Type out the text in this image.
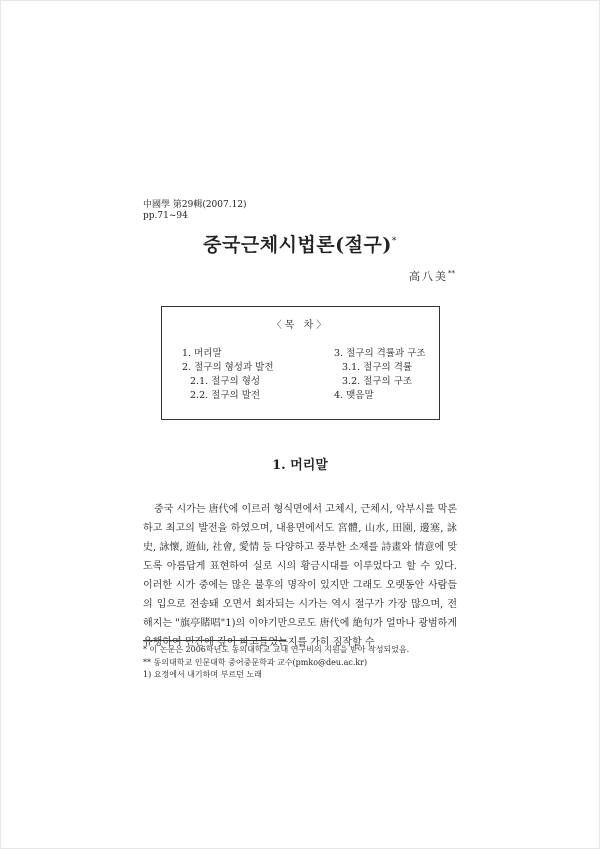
中國學 第29輯(2007.12)
pp.71~94
중국근체시법론(절구)*
高八美**
〈목 차〉
1. 머리말
2. 절구의 형성과 발전
2.1. 절구의 형성
2.2. 절구의 발전
3. 절구의 격률과 구조
3.1. 절구의 격률
3.2. 절구의 구조
4. 맺음말
1. 머리말

중국 시가는 唐代에 이르러 형식면에서 고체시, 근체시, 악부시를 막론하고 최고의 발전을 하였으며, 내용면에서도 宮體, 山水, 田園, 邊塞, 詠史, 詠懷, 遊仙, 社會, 愛情 등 다양하고 풍부한 소재를 詩畫와 情意에 맞도록 아름답게 표현하여 실로 시의 황금시대를 이루었다고 할 수 있다. 이러한 시가 중에는 많은 불후의 명작이 있지만 그래도 오랫동안 사람들의 입으로 전송돼 오면서 회자되는 시가는 역시 절구가 가장 많으며, 전해지는 "旗亭賭唱"1)의 이야기만으로도 唐代에 絶句가 얼마나 광범하게 유행하여 민간에 깊이 파고들었는지를 가히 짐작할 수

* 이 논문은 2006학년도 동의대학교 교내 연구비의 지원을 받아 작성되었음.
** 동의대학교 인문대학 중어중문학과 교수(pmko@deu.ac.kr)
1) 요정에서 내기하며 부르던 노래
